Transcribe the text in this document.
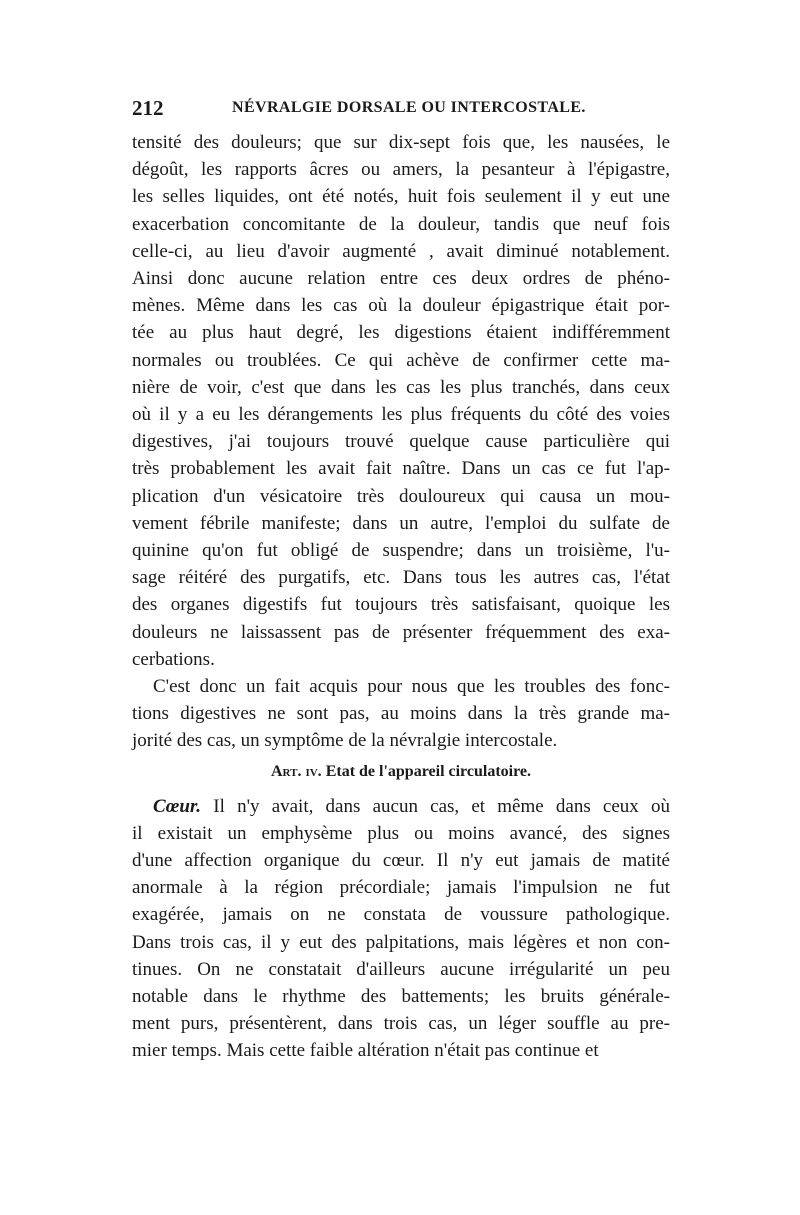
212	NÉVRALGIE DORSALE OU INTERCOSTALE.
tensité des douleurs; que sur dix-sept fois que, les nausées, le
dégoût, les rapports âcres ou amers, la pesanteur à l'épigastre,
les selles liquides, ont été notés, huit fois seulement il y eut une
exacerbation concomitante de la douleur, tandis que neuf fois
celle-ci, au lieu d'avoir augmenté , avait diminué notablement.
Ainsi donc aucune relation entre ces deux ordres de phéno-
mènes. Même dans les cas où la douleur épigastrique était por-
tée au plus haut degré, les digestions étaient indifféremment
normales ou troublées. Ce qui achève de confirmer cette ma-
nière de voir, c'est que dans les cas les plus tranchés, dans ceux
où il y a eu les dérangements les plus fréquents du côté des voies
digestives, j'ai toujours trouvé quelque cause particulière qui
très probablement les avait fait naître. Dans un cas ce fut l'ap-
plication d'un vésicatoire très douloureux qui causa un mou-
vement fébrile manifeste; dans un autre, l'emploi du sulfate de
quinine qu'on fut obligé de suspendre; dans un troisième, l'u-
sage réitéré des purgatifs, etc. Dans tous les autres cas, l'état
des organes digestifs fut toujours très satisfaisant, quoique les
douleurs ne laissassent pas de présenter fréquemment des exa-
cerbations.
C'est donc un fait acquis pour nous que les troubles des fonc-
tions digestives ne sont pas, au moins dans la très grande ma-
jorité des cas, un symptôme de la névralgie intercostale.
Art. iv. Etat de l'appareil circulatoire.
Cœur. Il n'y avait, dans aucun cas, et même dans ceux où
il existait un emphysème plus ou moins avancé, des signes
d'une affection organique du cœur. Il n'y eut jamais de matité
anormale à la région précordiale; jamais l'impulsion ne fut
exagérée, jamais on ne constata de voussure pathologique.
Dans trois cas, il y eut des palpitations, mais légères et non con-
tinues. On ne constatait d'ailleurs aucune irrégularité un peu
notable dans le rhythme des battements; les bruits générale-
ment purs, présentèrent, dans trois cas, un léger souffle au pre-
mier temps. Mais cette faible altération n'était pas continue et
